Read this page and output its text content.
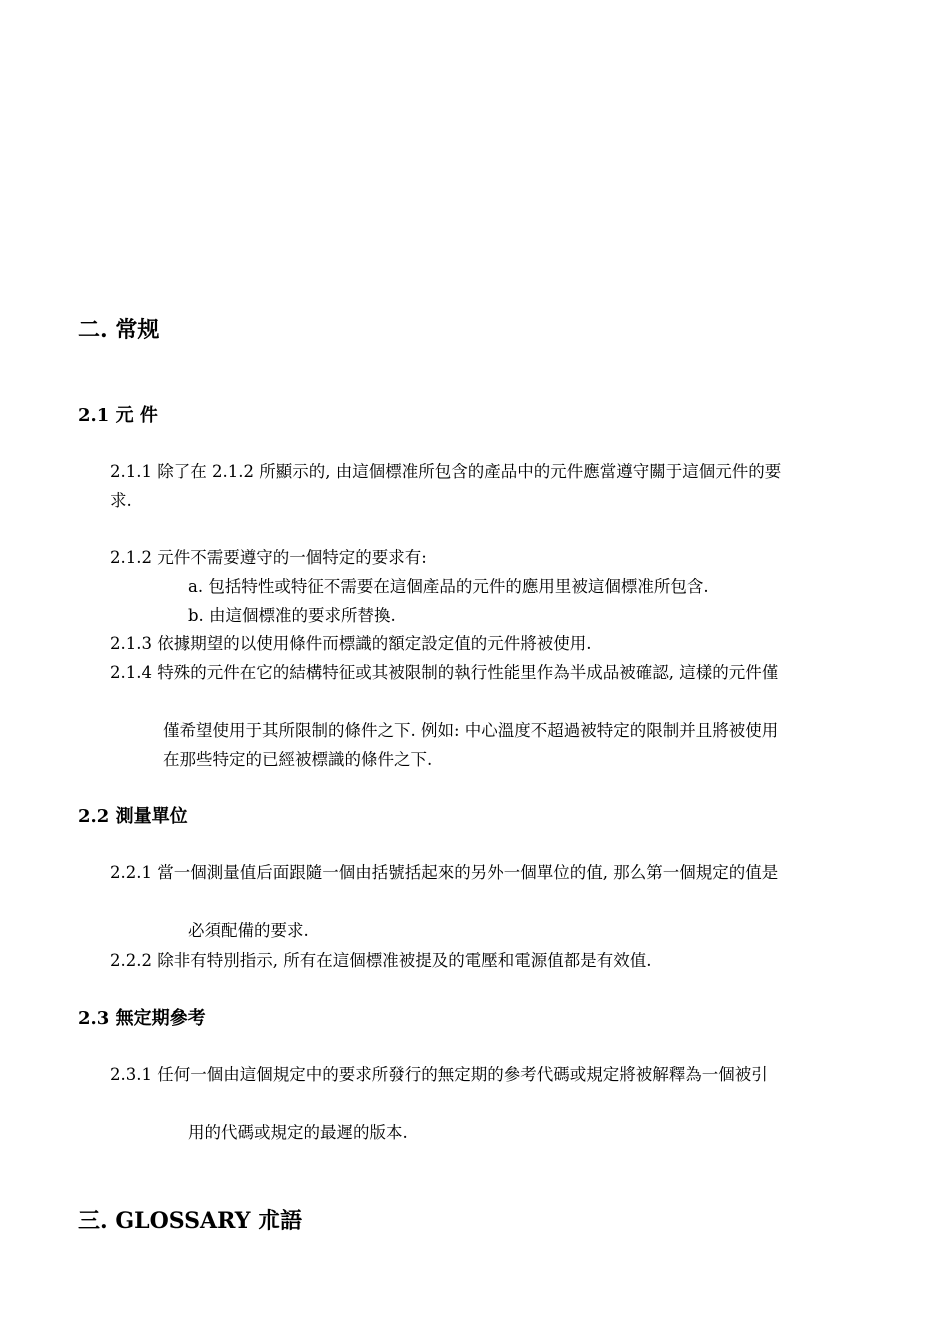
二. 常规
2.1 元 件

2.1.1 除了在 2.1.2 所顯示的, 由這個標准所包含的產品中的元件應當遵守關于這個元件的要

求.

2.1.2 元件不需要遵守的一個特定的要求有:

a. 包括特性或特征不需要在這個產品的元件的應用里被這個標准所包含.

b. 由這個標准的要求所替換.

2.1.3 依據期望的以使用條件而標識的額定設定值的元件將被使用.

2.1.4 特殊的元件在它的結構特征或其被限制的執行性能里作為半成品被確認, 這樣的元件僅

僅希望使用于其所限制的條件之下. 例如: 中心溫度不超過被特定的限制并且將被使用

在那些特定的已經被標識的條件之下.

2.2 測量單位

2.2.1 當一個測量值后面跟隨一個由括號括起來的另外一個單位的值, 那么第一個規定的值是

必須配備的要求.

2.2.2 除非有特別指示, 所有在這個標准被提及的電壓和電源值都是有效值.

2.3 無定期參考

2.3.1 任何一個由這個規定中的要求所發行的無定期的參考代碼或規定將被解釋為一個被引

用的代碼或規定的最遲的版本.

三. GLOSSARY 朮語
